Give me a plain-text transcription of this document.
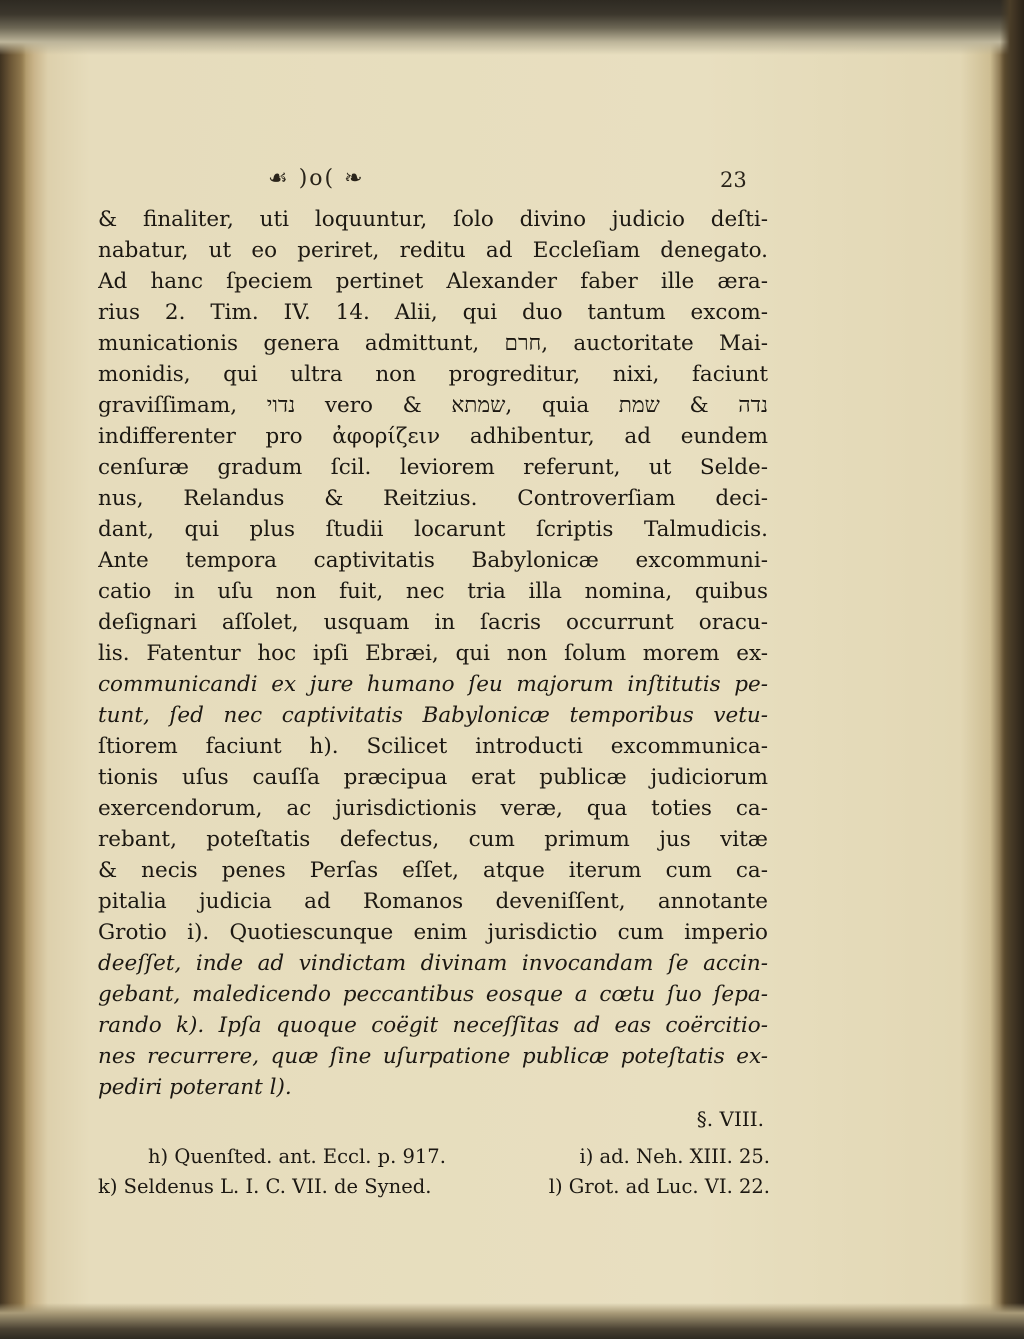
☙ )o( ❧	23
& finaliter, uti loquuntur, ſolo divino judicio deſti-
nabatur, ut eo periret, reditu ad Eccleſiam denegato.
Ad hanc ſpeciem pertinet Alexander faber ille æra-
rius 2. Tim. IV. 14. Alii, qui duo tantum excom-
municationis genera admittunt, חרם, auctoritate Mai-
monidis, qui ultra non progreditur, nixi, faciunt
graviſſimam, נדוי vero & שמתא, quia נדה & שמת
indifferenter pro ἀφορίζειν adhibentur, ad eundem
cenſuræ gradum ſcil. leviorem referunt, ut Selde-
nus, Relandus & Reitzius. Controverſiam deci-
dant, qui plus ſtudii locarunt ſcriptis Talmudicis.
Ante tempora captivitatis Babylonicæ excommuni-
catio in uſu non fuit, nec tria illa nomina, quibus
deſignari aſſolet, usquam in ſacris occurrunt oracu-
lis. Fatentur hoc ipſi Ebræi, qui non ſolum morem ex-
communicandi ex jure humano ſeu majorum inſtitutis pe-
tunt, ſed nec captivitatis Babylonicæ temporibus vetu-
ſtiorem faciunt h). Scilicet introducti excommunica-
tionis uſus cauſſa præcipua erat publicæ judiciorum
exercendorum, ac jurisdictionis veræ, qua toties ca-
rebant, poteſtatis defectus, cum primum jus vitæ
& necis penes Perſas eſſet, atque iterum cum ca-
pitalia judicia ad Romanos deveniſſent, annotante
Grotio i). Quotiescunque enim jurisdictio cum imperio
deeſſet, inde ad vindictam divinam invocandam ſe accin-
gebant, maledicendo peccantibus eosque a cœtu ſuo ſepa-
rando k). Ipſa quoque coëgit neceſſitas ad eas coërcitio-
nes recurrere, quæ ſine uſurpatione publicæ poteſtatis ex-
pediri poterant l).
§. VIII.
h) Quenſted. ant. Eccl. p. 917.	i) ad. Neh. XIII. 25.
k) Seldenus L. I. C. VII. de Syned.	l) Grot. ad Luc. VI. 22.
